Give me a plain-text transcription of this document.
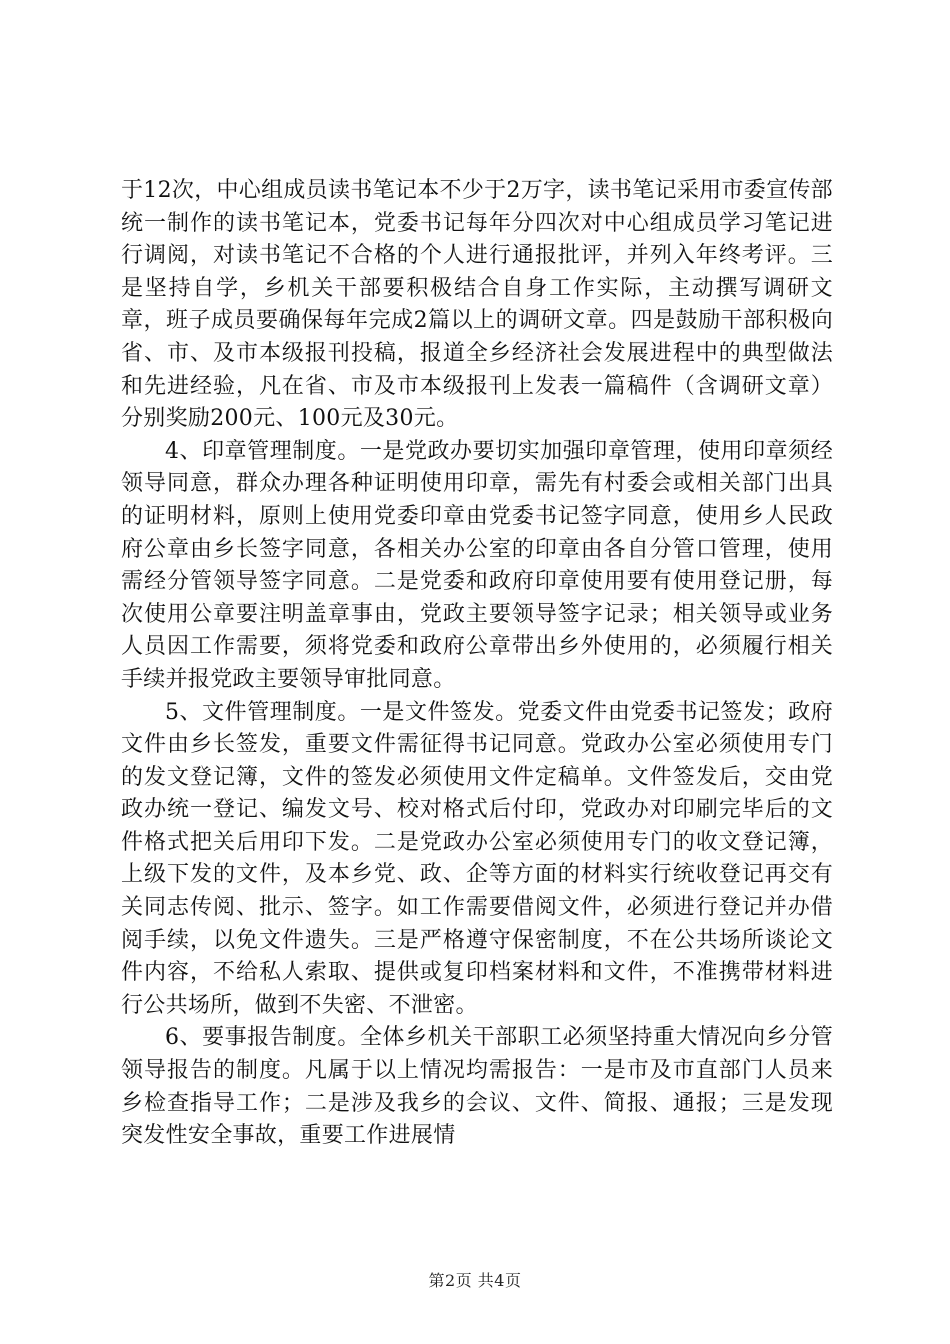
于12次，中心组成员读书笔记本不少于2万字，读书笔记采用市委宣传部统一制作的读书笔记本，党委书记每年分四次对中心组成员学习笔记进行调阅，对读书笔记不合格的个人进行通报批评，并列入年终考评。三是坚持自学，乡机关干部要积极结合自身工作实际，主动撰写调研文章，班子成员要确保每年完成2篇以上的调研文章。四是鼓励干部积极向省、市、及市本级报刊投稿，报道全乡经济社会发展进程中的典型做法和先进经验，凡在省、市及市本级报刊上发表一篇稿件（含调研文章）分别奖励200元、100元及30元。

4、印章管理制度。一是党政办要切实加强印章管理，使用印章须经领导同意，群众办理各种证明使用印章，需先有村委会或相关部门出具的证明材料，原则上使用党委印章由党委书记签字同意，使用乡人民政府公章由乡长签字同意，各相关办公室的印章由各自分管口管理，使用需经分管领导签字同意。二是党委和政府印章使用要有使用登记册，每次使用公章要注明盖章事由，党政主要领导签字记录；相关领导或业务人员因工作需要，须将党委和政府公章带出乡外使用的，必须履行相关手续并报党政主要领导审批同意。

5、文件管理制度。一是文件签发。党委文件由党委书记签发；政府文件由乡长签发，重要文件需征得书记同意。党政办公室必须使用专门的发文登记簿，文件的签发必须使用文件定稿单。文件签发后，交由党政办统一登记、编发文号、校对格式后付印，党政办对印刷完毕后的文件格式把关后用印下发。二是党政办公室必须使用专门的收文登记簿，上级下发的文件，及本乡党、政、企等方面的材料实行统收登记再交有关同志传阅、批示、签字。如工作需要借阅文件，必须进行登记并办借阅手续，以免文件遗失。三是严格遵守保密制度，不在公共场所谈论文件内容，不给私人索取、提供或复印档案材料和文件，不准携带材料进行公共场所，做到不失密、不泄密。

6、要事报告制度。全体乡机关干部职工必须坚持重大情况向乡分管领导报告的制度。凡属于以上情况均需报告：一是市及市直部门人员来乡检查指导工作；二是涉及我乡的会议、文件、简报、通报；三是发现突发性安全事故，重要工作进展情

第2页 共4页
